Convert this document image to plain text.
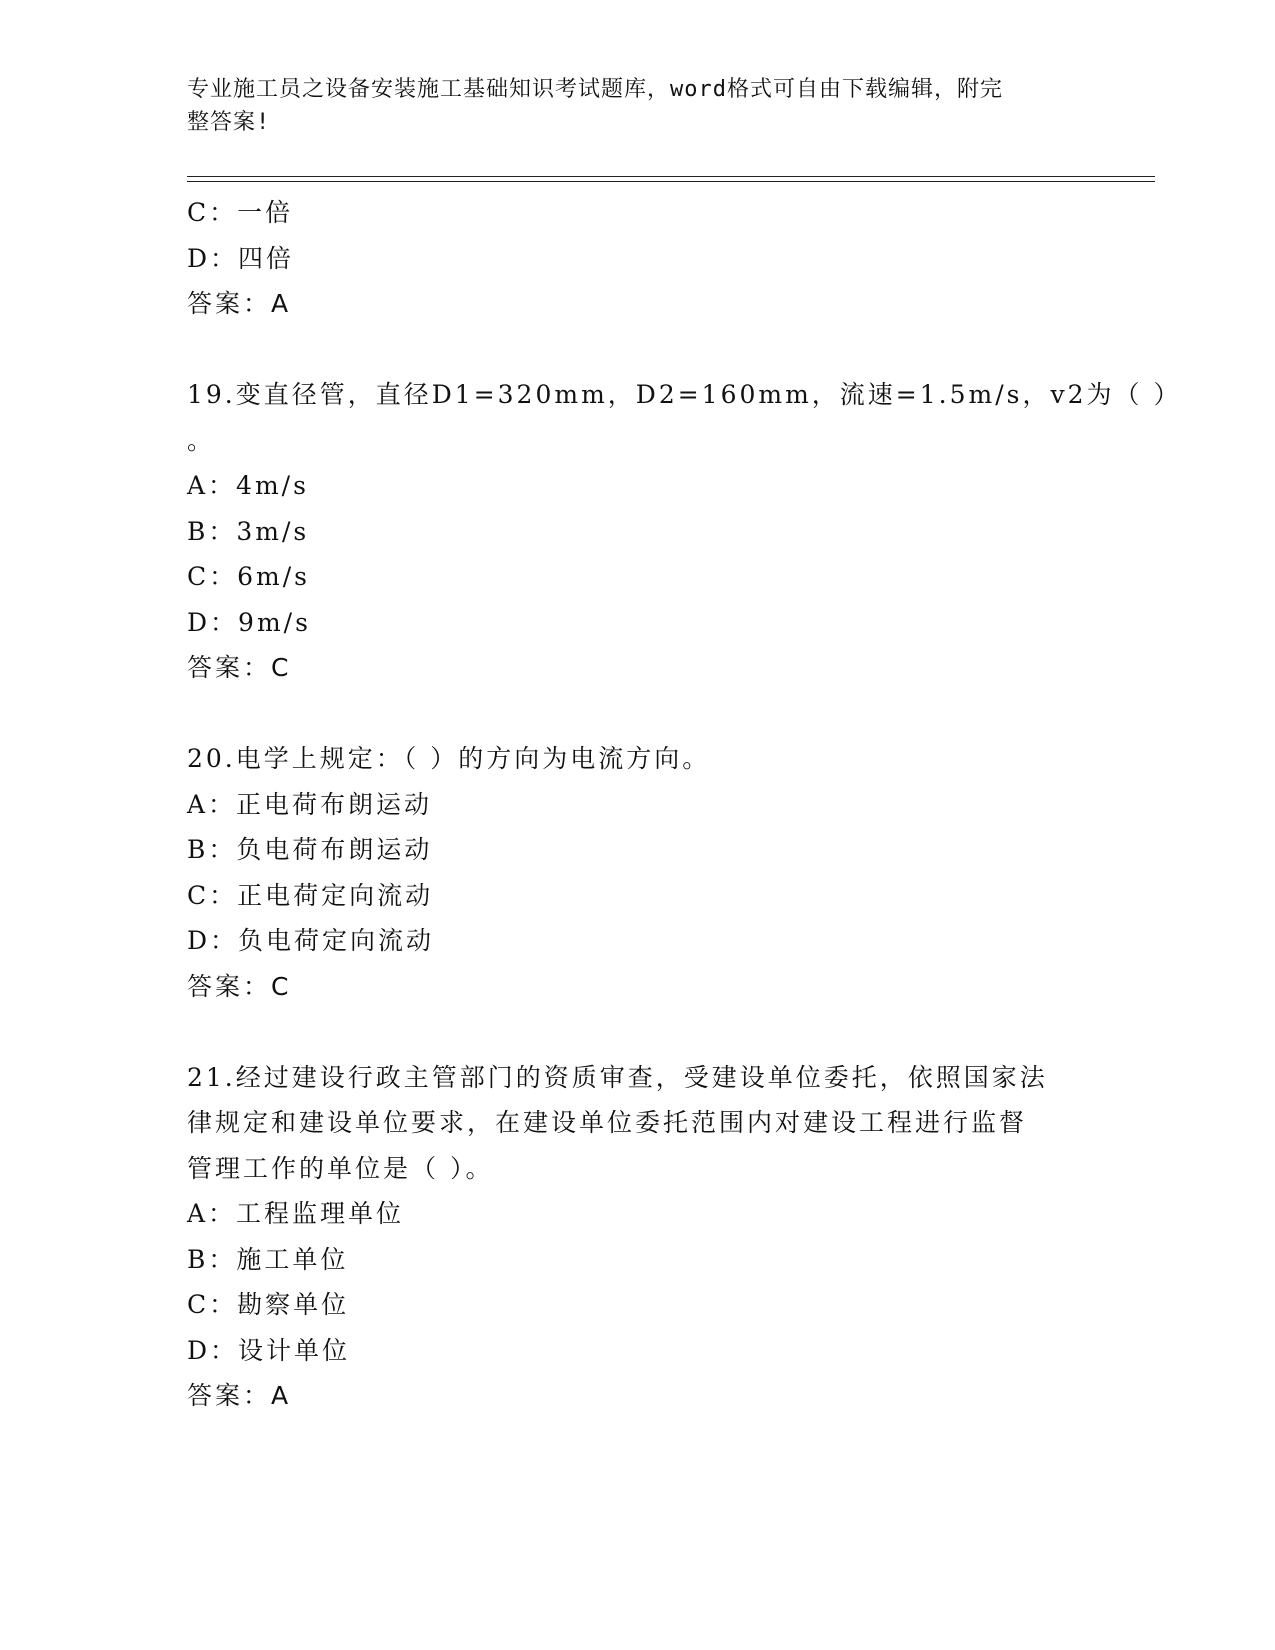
专业施工员之设备安装施工基础知识考试题库，word格式可自由下载编辑，附完
整答案!
C：一倍
D：四倍
答案：A
19.变直径管，直径D1=320mm，D2=160mm，流速=1.5m/s，v2为（ ）
。
A：4m/s
B：3m/s
C：6m/s
D：9m/s
答案：C
20.电学上规定：（ ）的方向为电流方向。
A：正电荷布朗运动
B：负电荷布朗运动
C：正电荷定向流动
D：负电荷定向流动
答案：C
21.经过建设行政主管部门的资质审查，受建设单位委托，依照国家法
律规定和建设单位要求，在建设单位委托范围内对建设工程进行监督
管理工作的单位是（ ）。
A：工程监理单位
B：施工单位
C：勘察单位
D：设计单位
答案：A
